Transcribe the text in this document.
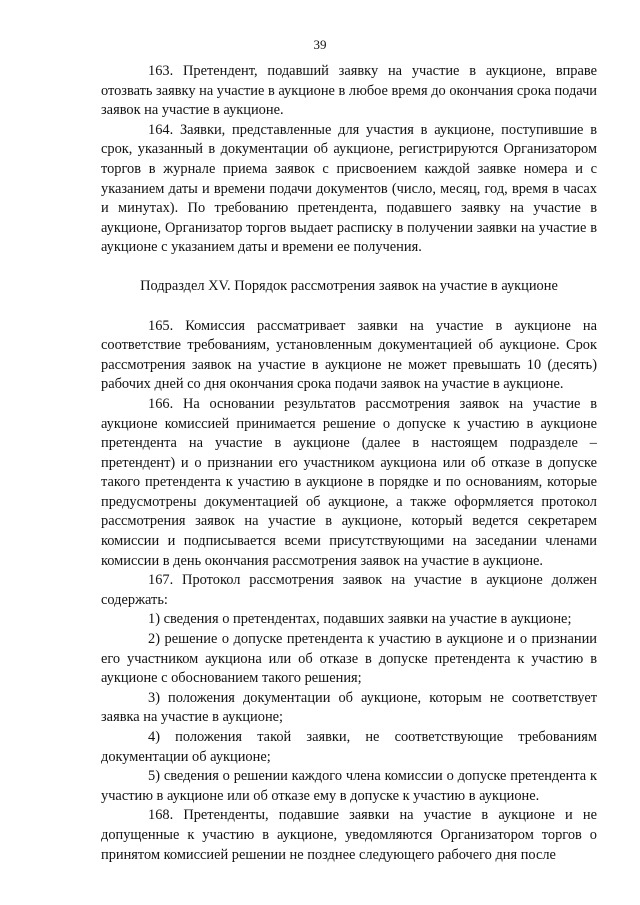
39

163. Претендент, подавший заявку на участие в аукционе, вправе отозвать заявку на участие в аукционе в любое время до окончания срока подачи заявок на участие в аукционе.

164. Заявки, представленные для участия в аукционе, поступившие в срок, указанный в документации об аукционе, регистрируются Организатором торгов в журнале приема заявок с присвоением каждой заявке номера и с указанием даты и времени подачи документов (число, месяц, год, время в часах и минутах). По требованию претендента, подавшего заявку на участие в аукционе, Организатор торгов выдает расписку в получении заявки на участие в аукционе с указанием даты и времени ее получения.

Подраздел XV. Порядок рассмотрения заявок на участие в аукционе

165. Комиссия рассматривает заявки на участие в аукционе на соответствие требованиям, установленным документацией об аукционе. Срок рассмотрения заявок на участие в аукционе не может превышать 10 (десять) рабочих дней со дня окончания срока подачи заявок на участие в аукционе.

166. На основании результатов рассмотрения заявок на участие в аукционе комиссией принимается решение о допуске к участию в аукционе претендента на участие в аукционе (далее в настоящем подразделе – претендент) и о признании его участником аукциона или об отказе в допуске такого претендента к участию в аукционе в порядке и по основаниям, которые предусмотрены документацией об аукционе, а также оформляется протокол рассмотрения заявок на участие в аукционе, который ведется секретарем комиссии и подписывается всеми присутствующими на заседании членами комиссии в день окончания рассмотрения заявок на участие в аукционе.

167. Протокол рассмотрения заявок на участие в аукционе должен содержать:

1) сведения о претендентах, подавших заявки на участие в аукционе;

2) решение о допуске претендента к участию в аукционе и о признании его участником аукциона или об отказе в допуске претендента к участию в аукционе с обоснованием такого решения;

3) положения документации об аукционе, которым не соответствует заявка на участие в аукционе;

4) положения такой заявки, не соответствующие требованиям документации об аукционе;

5) сведения о решении каждого члена комиссии о допуске претендента к участию в аукционе или об отказе ему в допуске к участию в аукционе.

168. Претенденты, подавшие заявки на участие в аукционе и не допущенные к участию в аукционе, уведомляются Организатором торгов о принятом комиссией решении не позднее следующего рабочего дня после
